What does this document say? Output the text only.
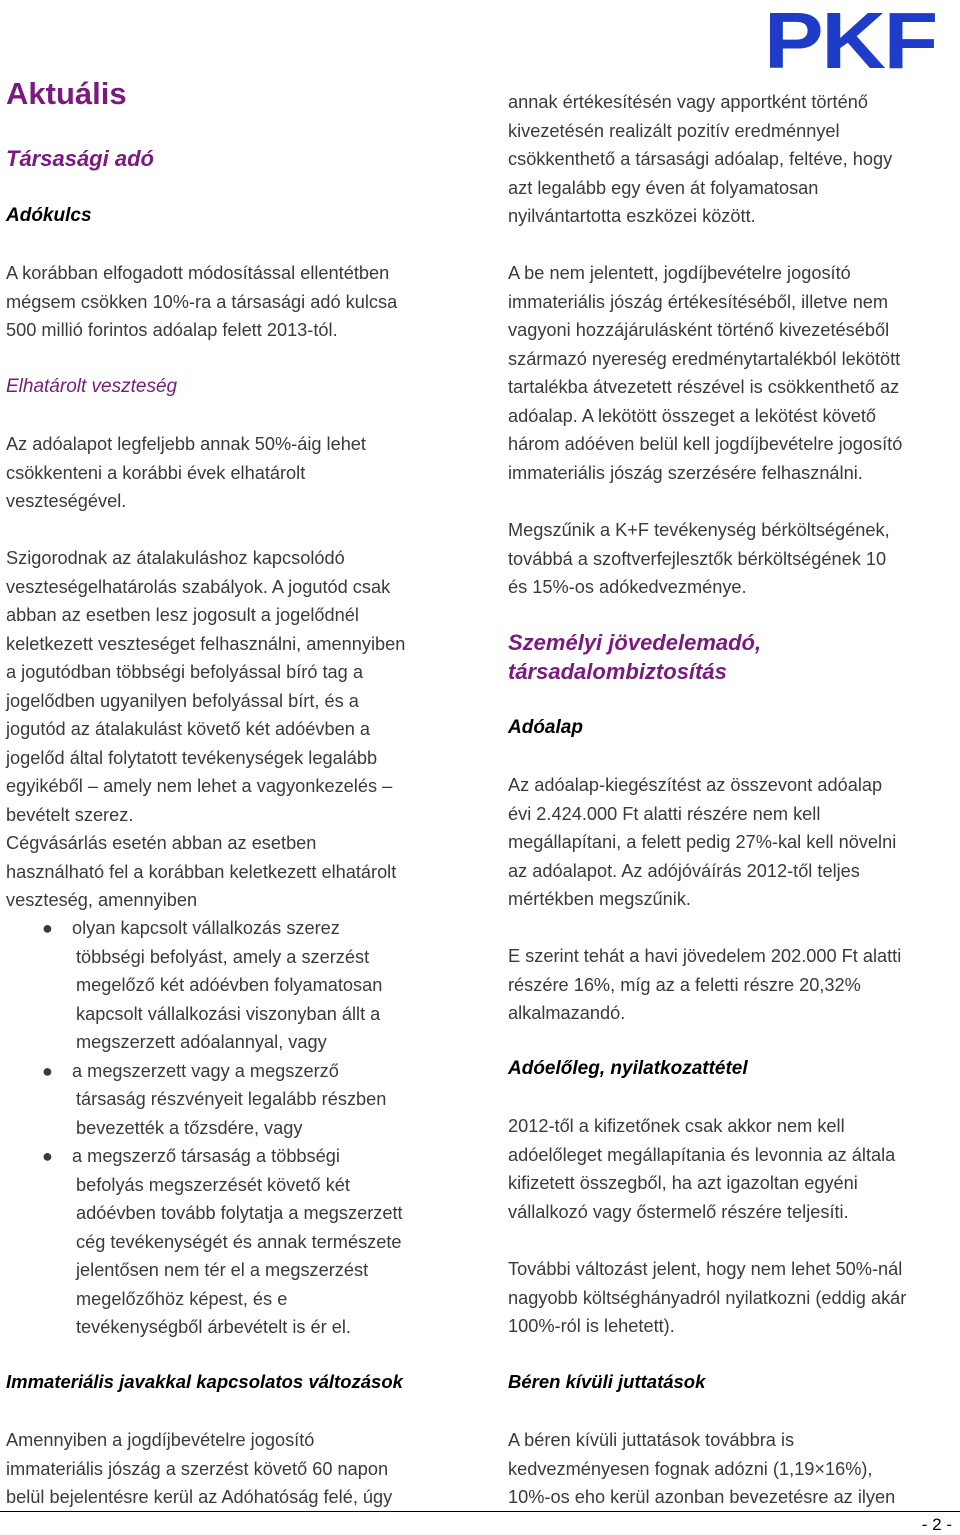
PKF
Aktuális
Társasági adó
Adókulcs

A korábban elfogadott módosítással ellentétben

mégsem csökken 10%-ra a társasági adó kulcsa

500 millió forintos adóalap felett 2013-tól.

Elhatárolt veszteség

Az adóalapot legfeljebb annak 50%-áig lehet

csökkenteni a korábbi évek elhatárolt

veszteségével.

Szigorodnak az átalakuláshoz kapcsolódó

veszteségelhatárolás szabályok. A jogutód csak

abban az esetben lesz jogosult a jogelődnél

keletkezett veszteséget felhasználni, amennyiben

a jogutódban többségi befolyással bíró tag a

jogelődben ugyanilyen befolyással bírt, és a

jogutód az átalakulást követő két adóévben a

jogelőd által folytatott tevékenységek legalább

egyikéből – amely nem lehet a vagyonkezelés –

bevételt szerez.

Cégvásárlás esetén abban az esetben

használható fel a korábban keletkezett elhatárolt

veszteség, amennyiben

● olyan kapcsolt vállalkozás szerez

többségi befolyást, amely a szerzést

megelőző két adóévben folyamatosan

kapcsolt vállalkozási viszonyban állt a

megszerzett adóalannyal, vagy

● a megszerzett vagy a megszerző

társaság részvényeit legalább részben

bevezették a tőzsdére, vagy

● a megszerző társaság a többségi

befolyás megszerzését követő két

adóévben tovább folytatja a megszerzett

cég tevékenységét és annak természete

jelentősen nem tér el a megszerzést

megelőzőhöz képest, és e

tevékenységből árbevételt is ér el.

Immateriális javakkal kapcsolatos változások

Amennyiben a jogdíjbevételre jogosító

immateriális jószág a szerzést követő 60 napon

belül bejelentésre kerül az Adóhatóság felé, úgy

annak értékesítésén vagy apportként történő

kivezetésén realizált pozitív eredménnyel

csökkenthető a társasági adóalap, feltéve, hogy

azt legalább egy éven át folyamatosan

nyilvántartotta eszközei között.

A be nem jelentett, jogdíjbevételre jogosító

immateriális jószág értékesítéséből, illetve nem

vagyoni hozzájárulásként történő kivezetéséből

származó nyereség eredménytartalékból lekötött

tartalékba átvezetett részével is csökkenthető az

adóalap. A lekötött összeget a lekötést követő

három adóéven belül kell jogdíjbevételre jogosító

immateriális jószág szerzésére felhasználni.

Megszűnik a K+F tevékenység bérköltségének,

továbbá a szoftverfejlesztők bérköltségének 10

és 15%-os adókedvezménye.

Személyi jövedelemadó,
társadalombiztosítás
Adóalap

Az adóalap-kiegészítést az összevont adóalap

évi 2.424.000 Ft alatti részére nem kell

megállapítani, a felett pedig 27%-kal kell növelni

az adóalapot. Az adójóváírás 2012-től teljes

mértékben megszűnik.

E szerint tehát a havi jövedelem 202.000 Ft alatti

részére 16%, míg az a feletti részre 20,32%

alkalmazandó.

Adóelőleg, nyilatkozattétel

2012-től a kifizetőnek csak akkor nem kell

adóelőleget megállapítania és levonnia az általa

kifizetett összegből, ha azt igazoltan egyéni

vállalkozó vagy őstermelő részére teljesíti.

További változást jelent, hogy nem lehet 50%-nál

nagyobb költséghányadról nyilatkozni (eddig akár

100%-ról is lehetett).

Béren kívüli juttatások

A béren kívüli juttatások továbbra is

kedvezményesen fognak adózni (1,19×16%),

10%-os eho kerül azonban bevezetésre az ilyen

- 2 -
